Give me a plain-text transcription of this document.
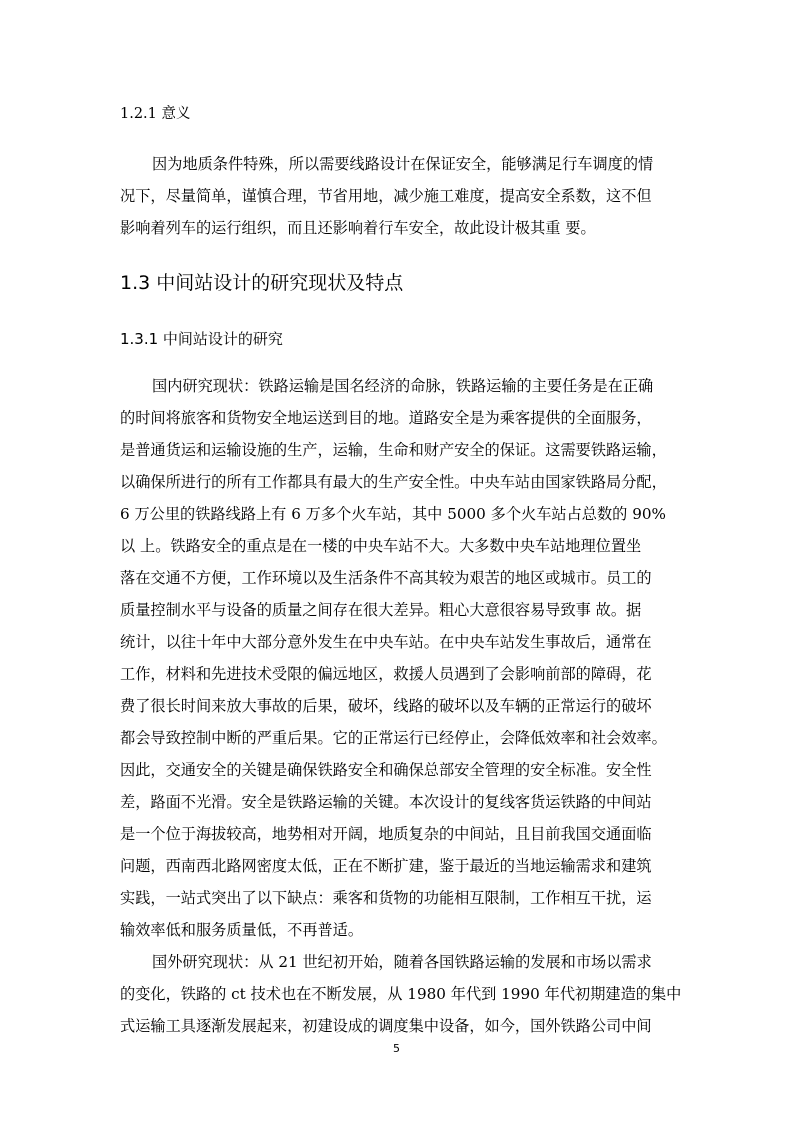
1.2.1 意义
因为地质条件特殊，所以需要线路设计在保证安全，能够满足行车调度的情
况下，尽量简单，谨慎合理，节省用地，减少施工难度，提高安全系数，这不但
影响着列车的运行组织，而且还影响着行车安全，故此设计极其重 要。
1.3 中间站设计的研究现状及特点
1.3.1 中间站设计的研究
国内研究现状：铁路运输是国名经济的命脉，铁路运输的主要任务是在正确
的时间将旅客和货物安全地运送到目的地。道路安全是为乘客提供的全面服务，
是普通货运和运输设施的生产，运输，生命和财产安全的保证。这需要铁路运输，
以确保所进行的所有工作都具有最大的生产安全性。中央车站由国家铁路局分配，
6 万公里的铁路线路上有 6 万多个火车站，其中 5000 多个火车站占总数的 90%
以 上。铁路安全的重点是在一楼的中央车站不大。大多数中央车站地理位置坐
落在交通不方便，工作环境以及生活条件不高其较为艰苦的地区或城市。员工的
质量控制水平与设备的质量之间存在很大差异。粗心大意很容易导致事 故。据
统计，以往十年中大部分意外发生在中央车站。在中央车站发生事故后，通常在
工作，材料和先进技术受限的偏远地区，救援人员遇到了会影响前部的障碍，花
费了很长时间来放大事故的后果，破坏，线路的破坏以及车辆的正常运行的破坏
都会导致控制中断的严重后果。它的正常运行已经停止，会降低效率和社会效率。
因此，交通安全的关键是确保铁路安全和确保总部安全管理的安全标准。安全性
差，路面不光滑。安全是铁路运输的关键。本次设计的复线客货运铁路的中间站
是一个位于海拔较高，地势相对开阔，地质复杂的中间站，且目前我国交通面临
问题，西南西北路网密度太低，正在不断扩建，鉴于最近的当地运输需求和建筑
实践，一站式突出了以下缺点：乘客和货物的功能相互限制，工作相互干扰，运
输效率低和服务质量低，不再普适。
国外研究现状：从 21 世纪初开始，随着各国铁路运输的发展和市场以需求
的变化，铁路的 ct 技术也在不断发展，从 1980 年代到 1990 年代初期建造的集中
式运输工具逐渐发展起来，初建设成的调度集中设备，如今，国外铁路公司中间
5
